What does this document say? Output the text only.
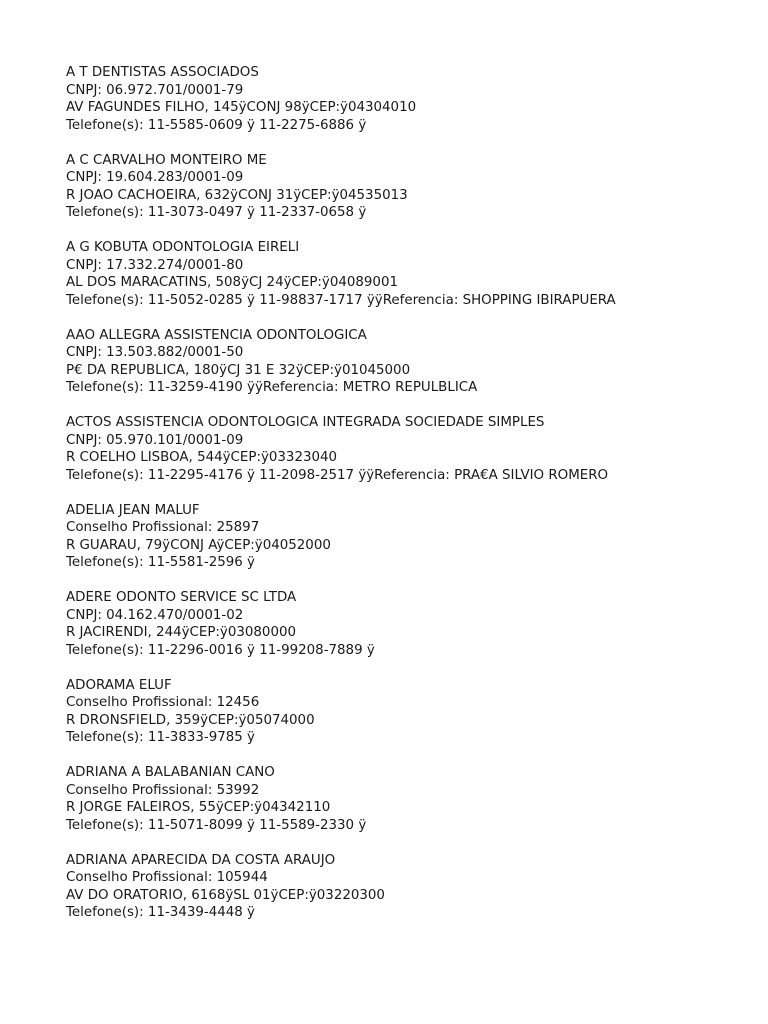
A T DENTISTAS ASSOCIADOS
CNPJ: 06.972.701/0001-79
AV FAGUNDES FILHO, 145ÿCONJ 98ÿCEP:ÿ04304010
Telefone(s): 11-5585-0609 ÿ 11-2275-6886 ÿ
A C CARVALHO MONTEIRO ME
CNPJ: 19.604.283/0001-09
R JOAO CACHOEIRA, 632ÿCONJ 31ÿCEP:ÿ04535013
Telefone(s): 11-3073-0497 ÿ 11-2337-0658 ÿ
A G KOBUTA ODONTOLOGIA EIRELI
CNPJ: 17.332.274/0001-80
AL DOS MARACATINS, 508ÿCJ 24ÿCEP:ÿ04089001
Telefone(s): 11-5052-0285 ÿ 11-98837-1717 ÿÿReferencia: SHOPPING IBIRAPUERA
AAO ALLEGRA ASSISTENCIA ODONTOLOGICA
CNPJ: 13.503.882/0001-50
P€ DA REPUBLICA, 180ÿCJ 31 E 32ÿCEP:ÿ01045000
Telefone(s): 11-3259-4190 ÿÿReferencia: METRO REPULBLICA
ACTOS ASSISTENCIA ODONTOLOGICA INTEGRADA SOCIEDADE SIMPLES
CNPJ: 05.970.101/0001-09
R COELHO LISBOA, 544ÿCEP:ÿ03323040
Telefone(s): 11-2295-4176 ÿ 11-2098-2517 ÿÿReferencia: PRA€A SILVIO ROMERO
ADELIA JEAN MALUF
Conselho Profissional: 25897
R GUARAU, 79ÿCONJ AÿCEP:ÿ04052000
Telefone(s): 11-5581-2596 ÿ
ADERE ODONTO SERVICE SC LTDA
CNPJ: 04.162.470/0001-02
R JACIRENDI, 244ÿCEP:ÿ03080000
Telefone(s): 11-2296-0016 ÿ 11-99208-7889 ÿ
ADORAMA ELUF
Conselho Profissional: 12456
R DRONSFIELD, 359ÿCEP:ÿ05074000
Telefone(s): 11-3833-9785 ÿ
ADRIANA A BALABANIAN CANO
Conselho Profissional: 53992
R JORGE FALEIROS, 55ÿCEP:ÿ04342110
Telefone(s): 11-5071-8099 ÿ 11-5589-2330 ÿ
ADRIANA APARECIDA DA COSTA ARAUJO
Conselho Profissional: 105944
AV DO ORATORIO, 6168ÿSL 01ÿCEP:ÿ03220300
Telefone(s): 11-3439-4448 ÿ
